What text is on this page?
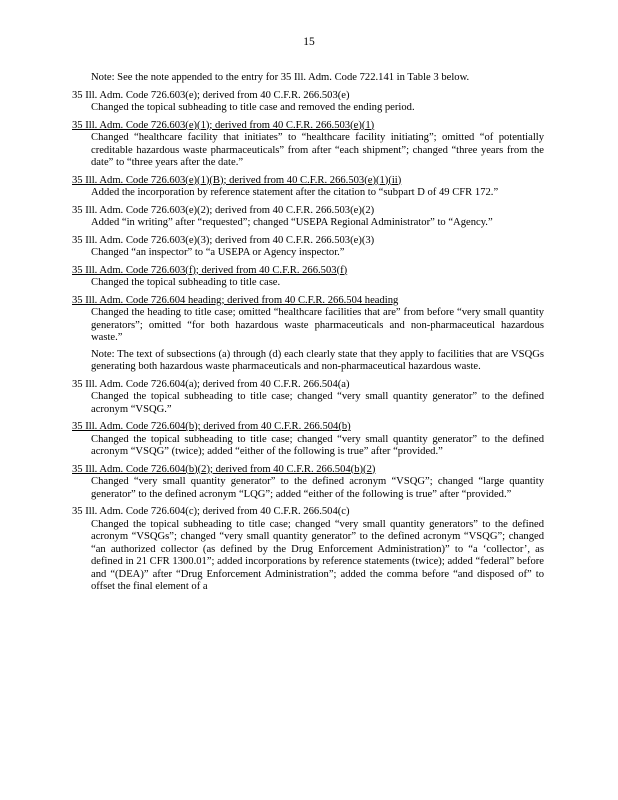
15
Note: See the note appended to the entry for 35 Ill. Adm. Code 722.141 in Table 3 below.
35 Ill. Adm. Code 726.603(e); derived from 40 C.F.R. 266.503(e)
Changed the topical subheading to title case and removed the ending period.
35 Ill. Adm. Code 726.603(e)(1); derived from 40 C.F.R. 266.503(e)(1)
Changed “healthcare facility that initiates” to “healthcare facility initiating”; omitted “of potentially creditable hazardous waste pharmaceuticals” from after “each shipment”; changed “three years from the date” to “three years after the date.”
35 Ill. Adm. Code 726.603(e)(1)(B); derived from 40 C.F.R. 266.503(e)(1)(ii)
Added the incorporation by reference statement after the citation to “subpart D of 49 CFR 172.”
35 Ill. Adm. Code 726.603(e)(2); derived from 40 C.F.R. 266.503(e)(2)
Added “in writing” after “requested”; changed “USEPA Regional Administrator” to “Agency.”
35 Ill. Adm. Code 726.603(e)(3); derived from 40 C.F.R. 266.503(e)(3)
Changed “an inspector” to “a USEPA or Agency inspector.”
35 Ill. Adm. Code 726.603(f); derived from 40 C.F.R. 266.503(f)
Changed the topical subheading to title case.
35 Ill. Adm. Code 726.604 heading; derived from 40 C.F.R. 266.504 heading
Changed the heading to title case; omitted “healthcare facilities that are” from before “very small quantity generators”; omitted “for both hazardous waste pharmaceuticals and non-pharmaceutical hazardous waste.”
Note: The text of subsections (a) through (d) each clearly state that they apply to facilities that are VSQGs generating both hazardous waste pharmaceuticals and non-pharmaceutical hazardous waste.
35 Ill. Adm. Code 726.604(a); derived from 40 C.F.R. 266.504(a)
Changed the topical subheading to title case; changed “very small quantity generator” to the defined acronym “VSQG.”
35 Ill. Adm. Code 726.604(b); derived from 40 C.F.R. 266.504(b)
Changed the topical subheading to title case; changed “very small quantity generator” to the defined acronym “VSQG” (twice); added “either of the following is true” after “provided.”
35 Ill. Adm. Code 726.604(b)(2); derived from 40 C.F.R. 266.504(b)(2)
Changed “very small quantity generator” to the defined acronym “VSQG”; changed “large quantity generator” to the defined acronym “LQG”; added “either of the following is true” after “provided.”
35 Ill. Adm. Code 726.604(c); derived from 40 C.F.R. 266.504(c)
Changed the topical subheading to title case; changed “very small quantity generators” to the defined acronym “VSQGs”; changed “very small quantity generator” to the defined acronym “VSQG”; changed “an authorized collector (as defined by the Drug Enforcement Administration)” to “a ‘collector’, as defined in 21 CFR 1300.01”; added incorporations by reference statements (twice); added “federal” before and “(DEA)” after “Drug Enforcement Administration”; added the comma before “and disposed of” to offset the final element of a
